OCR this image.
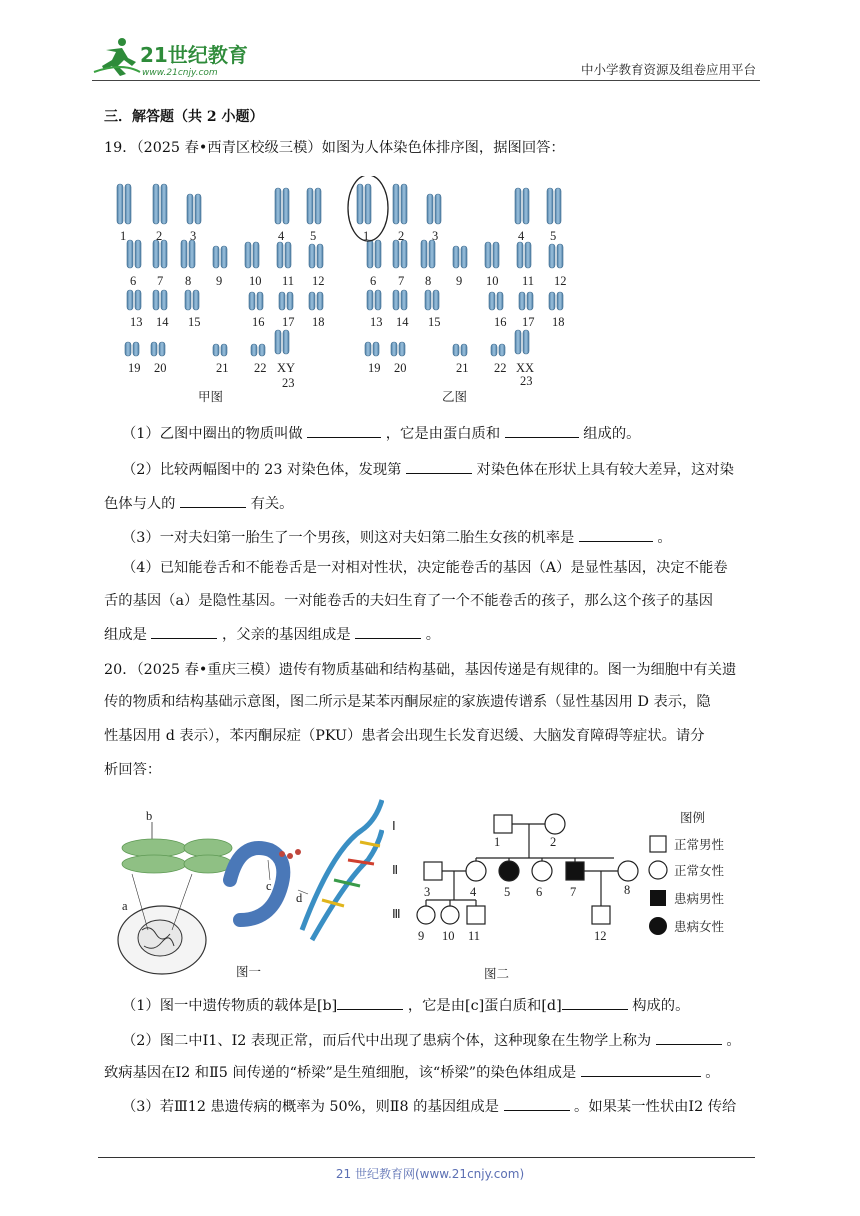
21世纪教育
www.21cnjy.com	中小学教育资源及组卷应用平台
三．解答题（共 2 小题）
19．（2025 春•西青区校级三模）如图为人体染色体排序图，据图回答：
1 2 3	4 5	1 2 3	4 5
6 7 8 9 10 11 12	6 7 8 9 10 11 12
13 14 15	16 17 18	13 14 15	16 17 18
19 20	21 22 XY
23
19 20	21 22 XX
23
甲图	乙图
（1）乙图中圈出的物质叫做	，它是由蛋白质和	组成的。
（2）比较两幅图中的 23 对染色体，发现第	对染色体在形状上具有较大差异，这对染
色体与人的	有关。
（3）一对夫妇第一胎生了一个男孩，则这对夫妇第二胎生女孩的机率是	。
（4）已知能卷舌和不能卷舌是一对相对性状，决定能卷舌的基因（A）是显性基因，决定不能卷
舌的基因（a）是隐性基因。一对能卷舌的夫妇生育了一个不能卷舌的孩子，那么这个孩子的基因
组成是	，父亲的基因组成是	。
20．（2025 春•重庆三模）遗传有物质基础和结构基础，基因传递是有规律的。图一为细胞中有关遗
传的物质和结构基础示意图，图二所示是某苯丙酮尿症的家族遗传谱系（显性基因用 D 表示，隐
性基因用 d 表示），苯丙酮尿症（PKU）患者会出现生长发育迟缓、大脑发育障碍等症状。请分
析回答：
b
a
c
d
图一
Ⅰ
Ⅱ
Ⅲ
1	2
3	4 5 6 7	8
9 10 11	12
图二
图例
正常男性
正常女性
患病男性
患病女性
（1）图一中遗传物质的载体是[b]	，它是由[c]蛋白质和[d]	构成的。
（2）图二中Ⅰ1、Ⅰ2 表现正常，而后代中出现了患病个体，这种现象在生物学上称为	。
致病基因在Ⅰ2 和Ⅱ5 间传递的“桥梁”是生殖细胞，该“桥梁”的染色体组成是	。
（3）若Ⅲ12 患遗传病的概率为 50%，则Ⅱ8 的基因组成是	。如果某一性状由Ⅰ2 传给
21 世纪教育网(www.21cnjy.com)
